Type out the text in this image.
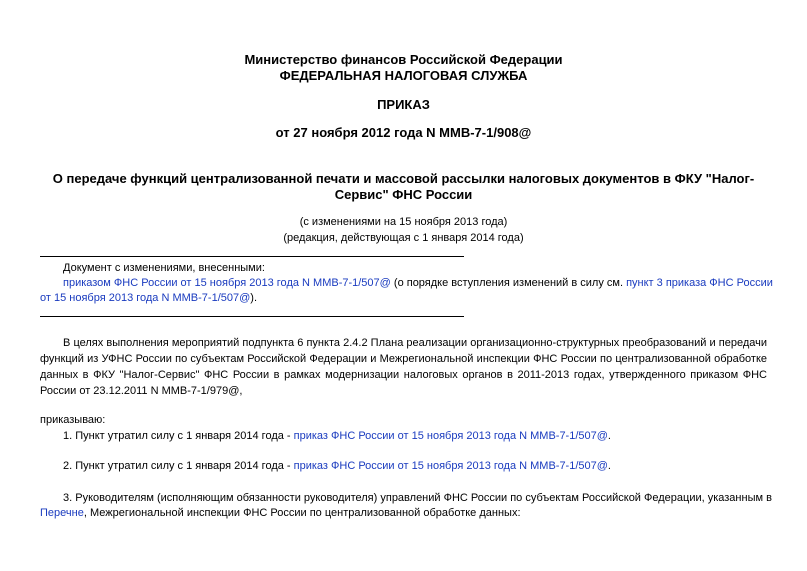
Министерство финансов Российской Федерации
ФЕДЕРАЛЬНАЯ НАЛОГОВАЯ СЛУЖБА
ПРИКАЗ
от 27 ноября 2012 года N ММВ-7-1/908@
О передаче функций централизованной печати и массовой рассылки налоговых документов в ФКУ "Налог-
Сервис" ФНС России
(с изменениями на 15 ноября 2013 года)
(редакция, действующая с 1 января 2014 года)
Документ с изменениями, внесенными:
приказом ФНС России от 15 ноября 2013 года N ММВ-7-1/507@ (о порядке вступления изменений в силу см. пункт 3 приказа ФНС России
от 15 ноября 2013 года N ММВ-7-1/507@).
В целях выполнения мероприятий подпункта 6 пункта 2.4.2 Плана реализации организационно-структурных преобразований и передачи
функций из УФНС России по субъектам Российской Федерации и Межрегиональной инспекции ФНС России по централизованной обработке
данных в ФКУ "Налог-Сервис" ФНС России в рамках модернизации налоговых органов в 2011-2013 годах, утвержденного приказом ФНС
России от 23.12.2011 N ММВ-7-1/979@,
приказываю:
1. Пункт утратил силу с 1 января 2014 года - приказ ФНС России от 15 ноября 2013 года N ММВ-7-1/507@.
2. Пункт утратил силу с 1 января 2014 года - приказ ФНС России от 15 ноября 2013 года N ММВ-7-1/507@.
3. Руководителям (исполняющим обязанности руководителя) управлений ФНС России по субъектам Российской Федерации, указанным в
Перечне, Межрегиональной инспекции ФНС России по централизованной обработке данных:
